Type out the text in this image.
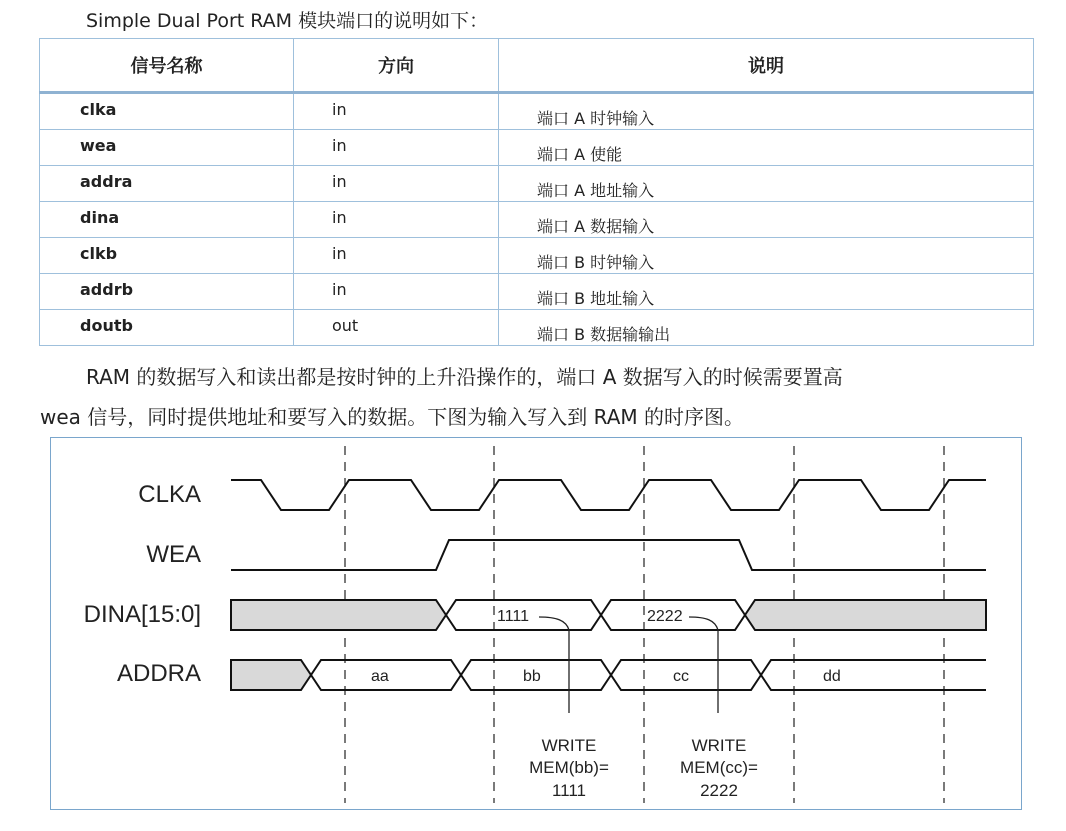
Simple Dual Port RAM 模块端口的说明如下：
信号名称	方向	说明

clka	in	端口 A 时钟输入

wea	in	端口 A 使能

addra	in	端口 A 地址输入

dina	in	端口 A 数据输入

clkb	in	端口 B 时钟输入

addrb	in	端口 B 地址输入

doutb	out	端口 B 数据输输出
RAM 的数据写入和读出都是按时钟的上升沿操作的，端口 A 数据写入的时候需要置高
wea 信号，同时提供地址和要写入的数据。下图为输入写入到 RAM 的时序图。
CLKA
WEA
DINA[15:0]
ADDRA
1111	2222
aa	bb	cc	dd
WRITE
MEM(bb)=
1111
WRITE
MEM(cc)=
2222
